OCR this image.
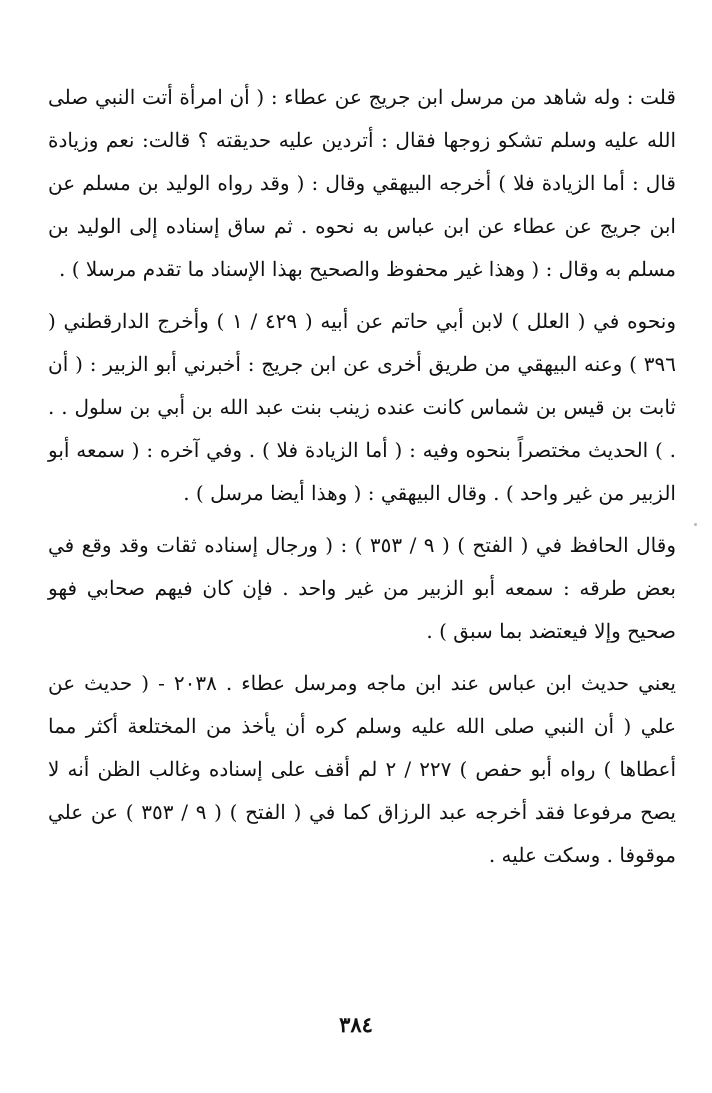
قلت : وله شاهد من مرسل ابن جريج عن عطاء : ( أن امرأة أتت النبي صلى الله عليه وسلم تشكو زوجها فقال : أتردين عليه حديقته ؟ قالت: نعم وزيادة قال : أما الزيادة فلا ) أخرجه البيهقي وقال : ( وقد رواه الوليد بن مسلم عن ابن جريج عن عطاء عن ابن عباس به نحوه . ثم ساق إسناده إلى الوليد بن مسلم به وقال : ( وهذا غير محفوظ والصحيح بهذا الإسناد ما تقدم مرسلا ) .

ونحوه في ( العلل ) لابن أبي حاتم عن أبيه ( ٤٢٩ / ١ ) وأخرج الدارقطني ( ٣٩٦ ) وعنه البيهقي من طريق أخرى عن ابن جريج : أخبرني أبو الزبير : ( أن ثابت بن قيس بن شماس كانت عنده زينب بنت عبد الله بن أبي بن سلول . . . ) الحديث مختصراً بنحوه وفيه : ( أما الزيادة فلا ) . وفي آخره : ( سمعه أبو الزبير من غير واحد ) . وقال البيهقي : ( وهذا أيضا مرسل ) .

وقال الحافظ في ( الفتح ) ( ٩ / ٣٥٣ ) : ( ورجال إسناده ثقات وقد وقع في بعض طرقه : سمعه أبو الزبير من غير واحد . فإن كان فيهم صحابي فهو صحيح وإلا فيعتضد بما سبق ) .

يعني حديث ابن عباس عند ابن ماجه ومرسل عطاء . ٢٠٣٨ - ( حديث عن علي ( أن النبي صلى الله عليه وسلم كره أن يأخذ من المختلعة أكثر مما أعطاها ) رواه أبو حفص ) ٢٢٧ / ٢ لم أقف على إسناده وغالب الظن أنه لا يصح مرفوعا فقد أخرجه عبد الرزاق كما في ( الفتح ) ( ٩ / ٣٥٣ ) عن علي موقوفا . وسكت عليه .

٣٨٤
